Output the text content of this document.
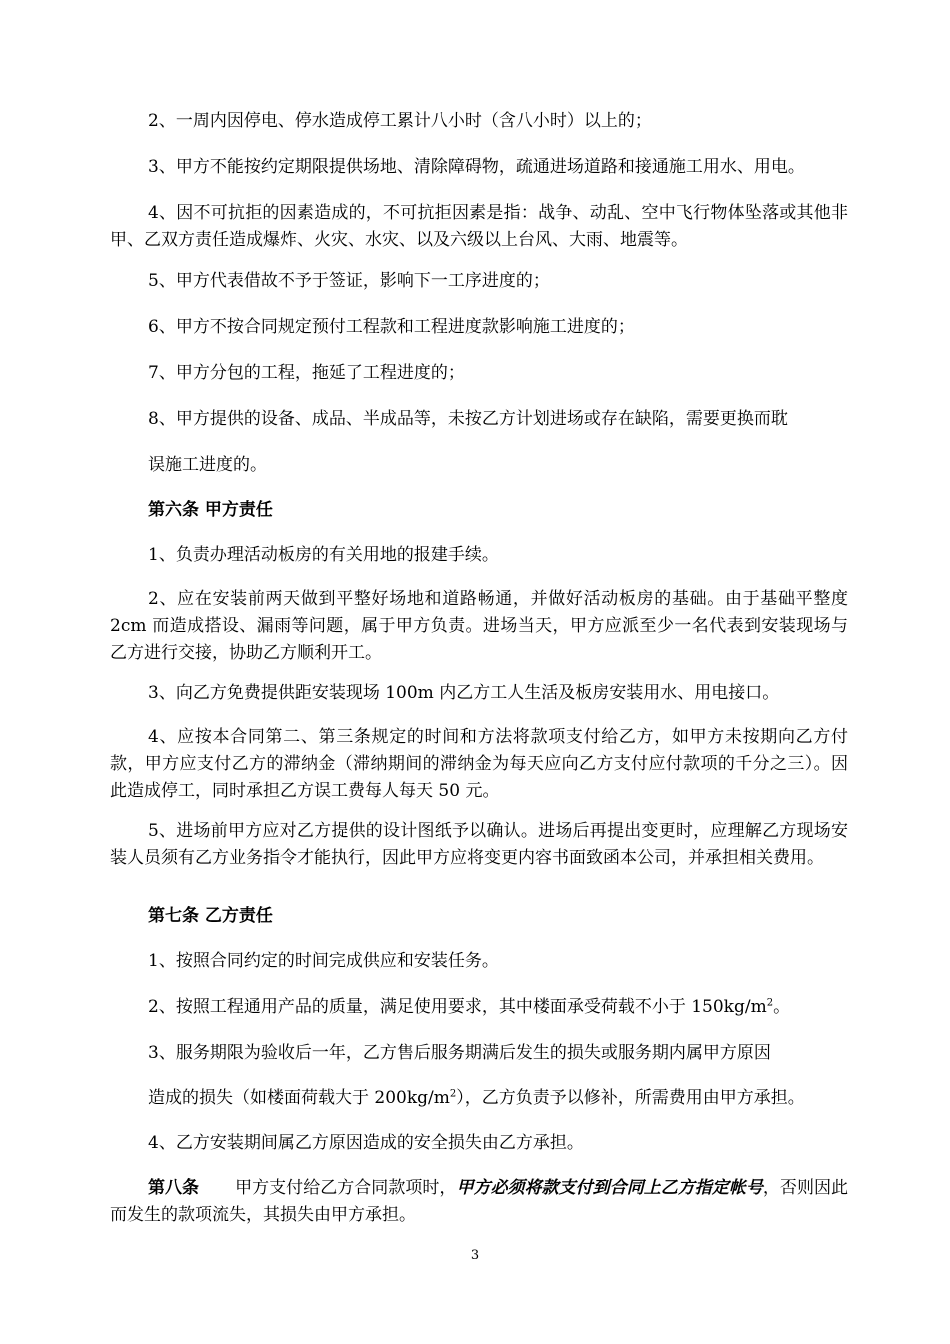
2、一周内因停电、停水造成停工累计八小时（含八小时）以上的；

3、甲方不能按约定期限提供场地、清除障碍物，疏通进场道路和接通施工用水、用电。

4、因不可抗拒的因素造成的，不可抗拒因素是指：战争、动乱、空中飞行物体坠落或其他非甲、乙双方责任造成爆炸、火灾、水灾、以及六级以上台风、大雨、地震等。

5、甲方代表借故不予于签证，影响下一工序进度的；

6、甲方不按合同规定预付工程款和工程进度款影响施工进度的；

7、甲方分包的工程，拖延了工程进度的；

8、甲方提供的设备、成品、半成品等，未按乙方计划进场或存在缺陷，需要更换而耽

误施工进度的。

第六条 甲方责任

1、负责办理活动板房的有关用地的报建手续。

2、应在安装前两天做到平整好场地和道路畅通，并做好活动板房的基础。由于基础平整度 2cm 而造成搭设、漏雨等问题，属于甲方负责。进场当天，甲方应派至少一名代表到安装现场与乙方进行交接，协助乙方顺利开工。

3、向乙方免费提供距安装现场 100m 内乙方工人生活及板房安装用水、用电接口。

4、应按本合同第二、第三条规定的时间和方法将款项支付给乙方，如甲方未按期向乙方付款，甲方应支付乙方的滞纳金（滞纳期间的滞纳金为每天应向乙方支付应付款项的千分之三）。因此造成停工，同时承担乙方误工费每人每天 50 元。

5、进场前甲方应对乙方提供的设计图纸予以确认。进场后再提出变更时，应理解乙方现场安装人员须有乙方业务指令才能执行，因此甲方应将变更内容书面致函本公司，并承担相关费用。

第七条 乙方责任

1、按照合同约定的时间完成供应和安装任务。

2、按照工程通用产品的质量，满足使用要求，其中楼面承受荷载不小于 $150kg/m^2$。

3、服务期限为验收后一年，乙方售后服务期满后发生的损失或服务期内属甲方原因

造成的损失（如楼面荷载大于 $200kg/m^2$），乙方负责予以修补，所需费用由甲方承担。

4、乙方安装期间属乙方原因造成的安全损失由乙方承担。

第八条 甲方支付给乙方合同款项时，甲方必须将款支付到合同上乙方指定帐号，否则因此而发生的款项流失，其损失由甲方承担。

3
